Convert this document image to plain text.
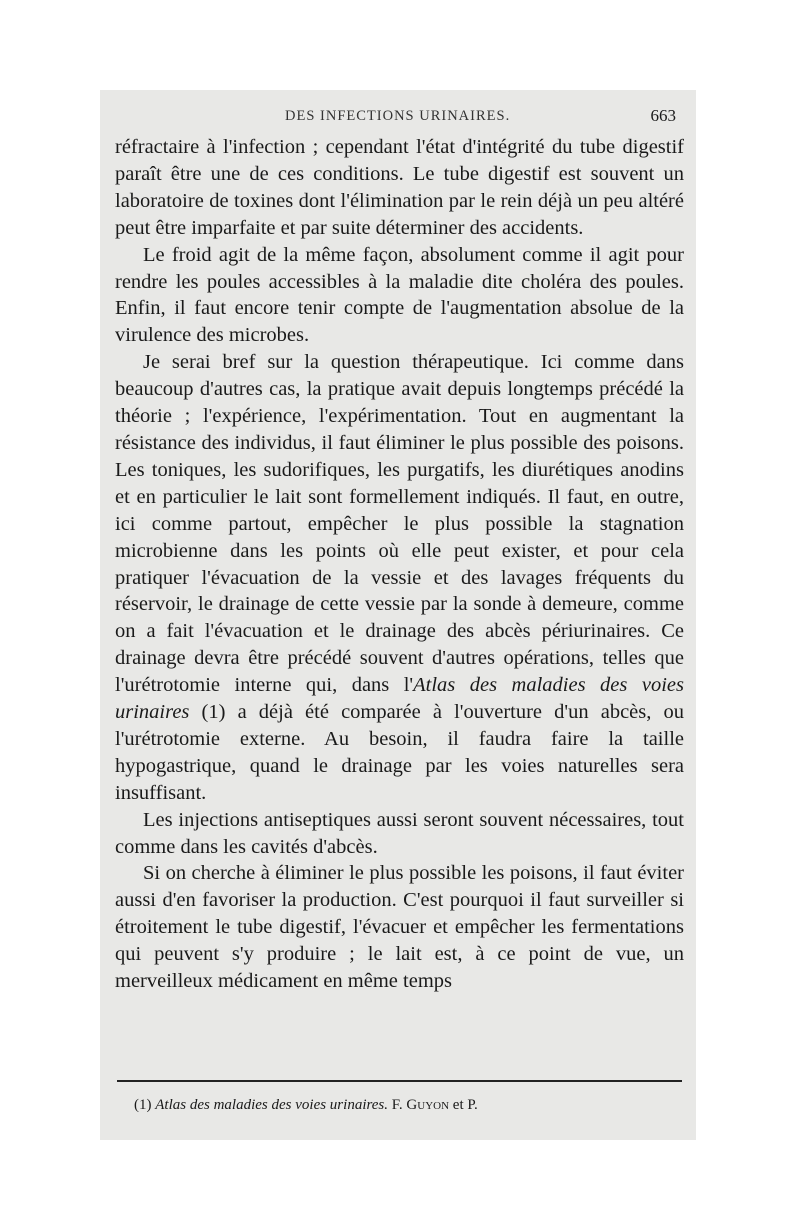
DES INFECTIONS URINAIRES.	663

réfractaire à l'infection ; cependant l'état d'intégrité du tube digestif paraît être une de ces conditions. Le tube digestif est souvent un laboratoire de toxines dont l'élimination par le rein déjà un peu altéré peut être imparfaite et par suite déterminer des accidents.

Le froid agit de la même façon, absolument comme il agit pour rendre les poules accessibles à la maladie dite choléra des poules. Enfin, il faut encore tenir compte de l'augmentation absolue de la virulence des microbes.

Je serai bref sur la question thérapeutique. Ici comme dans beaucoup d'autres cas, la pratique avait depuis longtemps précédé la théorie ; l'expérience, l'expérimentation. Tout en augmentant la résistance des individus, il faut éliminer le plus possible des poisons. Les toniques, les sudorifiques, les purgatifs, les diurétiques anodins et en particulier le lait sont formellement indiqués. Il faut, en outre, ici comme partout, empêcher le plus possible la stagnation microbienne dans les points où elle peut exister, et pour cela pratiquer l'évacuation de la vessie et des lavages fréquents du réservoir, le drainage de cette vessie par la sonde à demeure, comme on a fait l'évacuation et le drainage des abcès périurinaires. Ce drainage devra être précédé souvent d'autres opérations, telles que l'urétrotomie interne qui, dans l'Atlas des maladies des voies urinaires (1) a déjà été comparée à l'ouverture d'un abcès, ou l'urétrotomie externe. Au besoin, il faudra faire la taille hypogastrique, quand le drainage par les voies naturelles sera insuffisant.

Les injections antiseptiques aussi seront souvent nécessaires, tout comme dans les cavités d'abcès.

Si on cherche à éliminer le plus possible les poisons, il faut éviter aussi d'en favoriser la production. C'est pourquoi il faut surveiller si étroitement le tube digestif, l'évacuer et empêcher les fermentations qui peuvent s'y produire ; le lait est, à ce point de vue, un merveilleux médicament en même temps

(1) Atlas des maladies des voies urinaires. F. Guyon et P.
